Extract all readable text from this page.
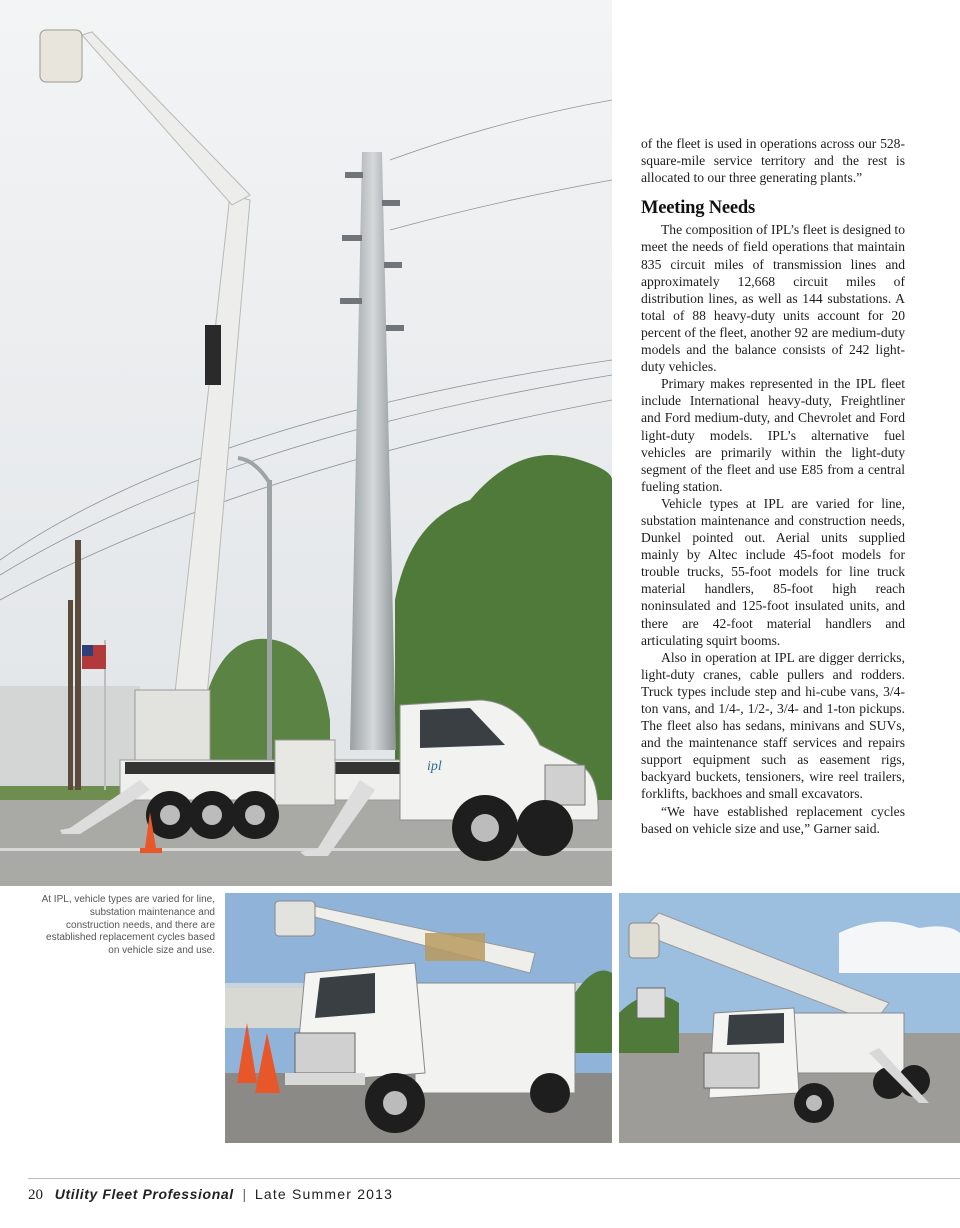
ipl

of the fleet is used in operations across our 528-square-mile service territory and the rest is allocated to our three generating plants.”

Meeting Needs

The composition of IPL’s fleet is designed to meet the needs of field operations that maintain 835 circuit miles of transmission lines and approximately 12,668 circuit miles of distribution lines, as well as 144 substations. A total of 88 heavy-duty units account for 20 percent of the fleet, another 92 are medium-duty models and the balance consists of 242 light-duty vehicles.

Primary makes represented in the IPL fleet include International heavy-duty, Freightliner and Ford medium-duty, and Chevrolet and Ford light-duty models. IPL’s alternative fuel vehicles are primarily within the light-duty segment of the fleet and use E85 from a central fueling station.

Vehicle types at IPL are varied for line, substation maintenance and construction needs, Dunkel pointed out. Aerial units supplied mainly by Altec include 45-foot models for trouble trucks, 55-foot models for line truck material handlers, 85-foot high reach noninsulated and 125-foot insulated units, and there are 42-foot material handlers and articulating squirt booms.

Also in operation at IPL are digger derricks, light-duty cranes, cable pullers and rodders. Truck types include step and hi-cube vans, 3/4-ton vans, and 1/4-, 1/2-, 3/4- and 1-ton pickups. The fleet also has sedans, minivans and SUVs, and the maintenance staff services and repairs support equipment such as easement rigs, backyard buckets, tensioners, wire reel trailers, forklifts, backhoes and small excavators.

“We have established replacement cycles based on vehicle size and use,” Garner said.

At IPL, vehicle types are varied for line, substation maintenance and construction needs, and there are established replacement cycles based on vehicle size and use.
20 Utility Fleet Professional | Late Summer 2013
